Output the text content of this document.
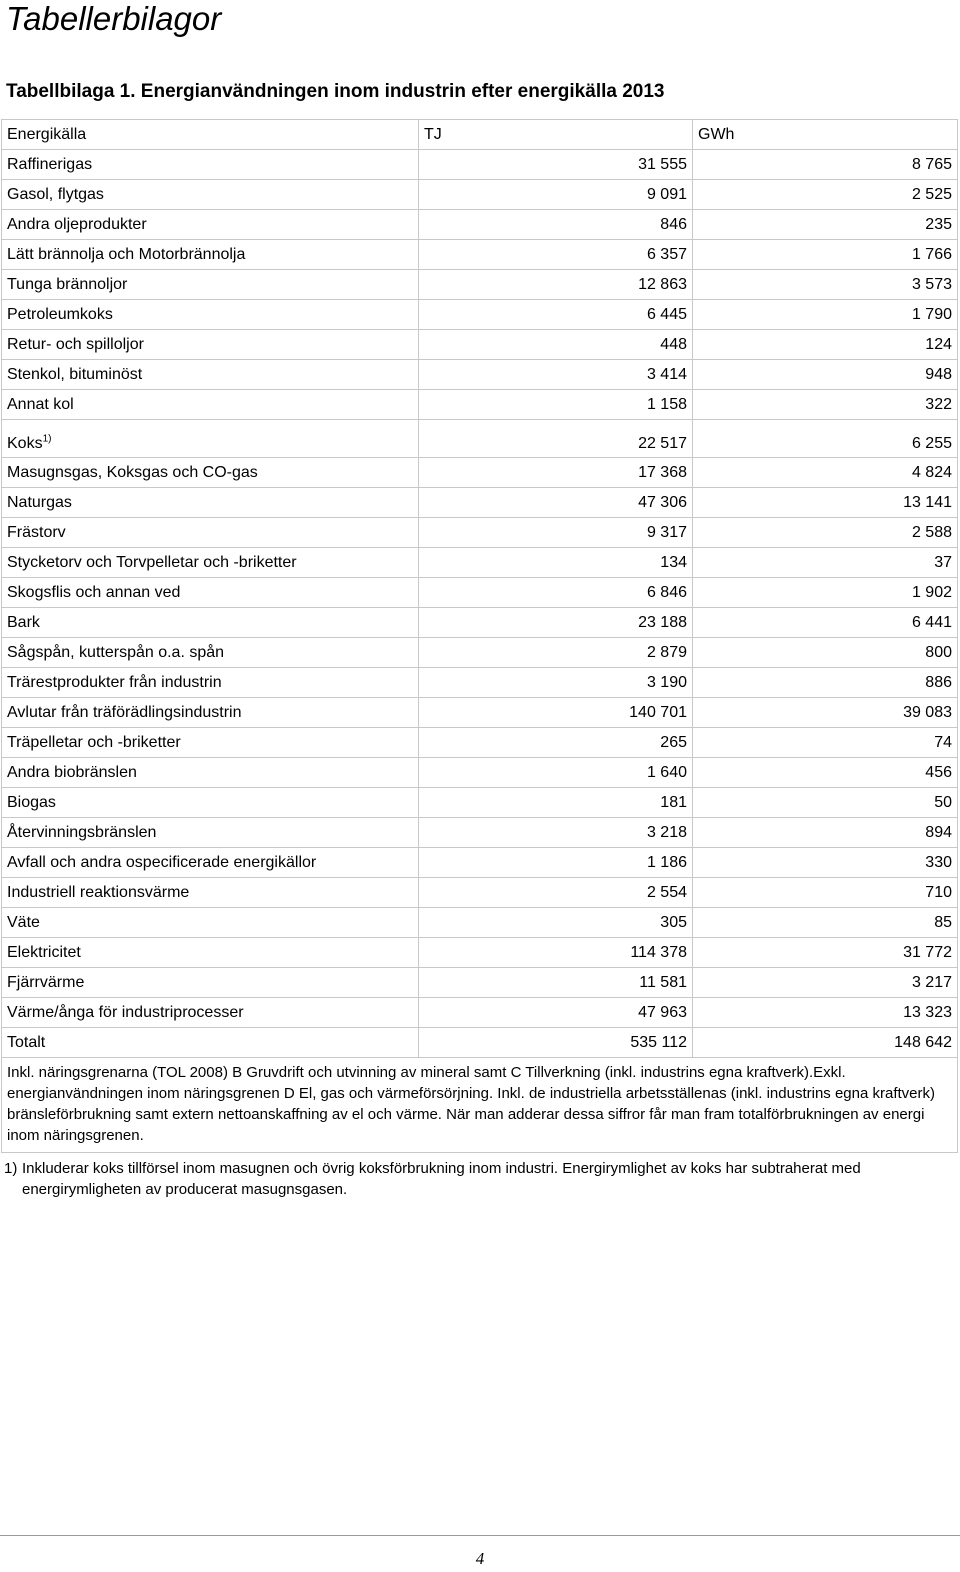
Tabellerbilagor
Tabellbilaga 1. Energianvändningen inom industrin efter energikälla 2013
Energikälla	TJ	GWh
Raffinerigas	31 555	8 765
Gasol, flytgas	9 091	2 525
Andra oljeprodukter	846	235
Lätt brännolja och Motorbrännolja	6 357	1 766
Tunga brännoljor	12 863	3 573
Petroleumkoks	6 445	1 790
Retur- och spilloljor	448	124
Stenkol, bituminöst	3 414	948
Annat kol	1 158	322
Koks$^{1)}$	22 517	6 255
Masugnsgas, Koksgas och CO-gas	17 368	4 824
Naturgas	47 306	13 141
Frästorv	9 317	2 588
Stycketorv och Torvpelletar och -briketter	134	37
Skogsflis och annan ved	6 846	1 902
Bark	23 188	6 441
Sågspån, kutterspån o.a. spån	2 879	800
Trärestprodukter från industrin	3 190	886
Avlutar från träförädlingsindustrin	140 701	39 083
Träpelletar och -briketter	265	74
Andra biobränslen	1 640	456
Biogas	181	50
Återvinningsbränslen	3 218	894
Avfall och andra ospecificerade energikällor	1 186	330
Industriell reaktionsvärme	2 554	710
Väte	305	85
Elektricitet	114 378	31 772
Fjärrvärme	11 581	3 217
Värme/ånga för industriprocesser	47 963	13 323
Totalt	535 112	148 642
Inkl. näringsgrenarna (TOL 2008) B Gruvdrift och utvinning av mineral samt C Tillverkning (inkl. industrins egna kraftverk).Exkl. energianvändningen inom näringsgrenen D El, gas och värmeförsörjning. Inkl. de industriella arbetsställenas (inkl. industrins egna kraftverk) bränsleförbrukning samt extern nettoanskaffning av el och värme. När man adderar dessa siffror får man fram totalförbrukningen av energi inom näringsgrenen.		
1) Inkluderar koks tillförsel inom masugnen och övrig koksförbrukning inom industri. Energirymlighet av koks har subtraherat med energirymligheten av producerat masugnsgasen.
4
